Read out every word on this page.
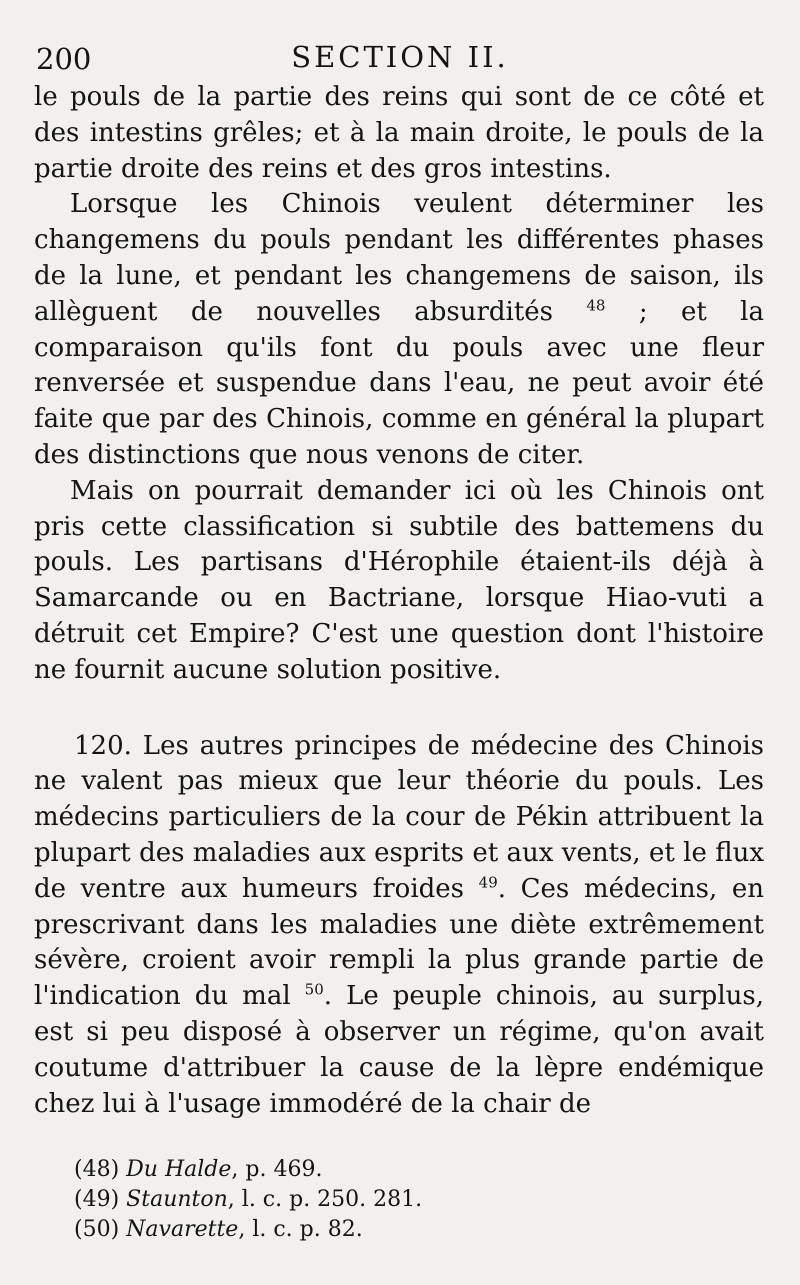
200	SECTION II.

le pouls de la partie des reins qui sont de ce côté et des intestins grêles; et à la main droite, le pouls de la partie droite des reins et des gros intestins.

Lorsque les Chinois veulent déterminer les changemens du pouls pendant les différentes phases de la lune, et pendant les changemens de saison, ils allèguent de nouvelles absurdités $^{48}$ ; et la comparaison qu'ils font du pouls avec une fleur renversée et suspendue dans l'eau, ne peut avoir été faite que par des Chinois, comme en général la plupart des distinctions que nous venons de citer.

Mais on pourrait demander ici où les Chinois ont pris cette classification si subtile des battemens du pouls. Les partisans d'Hérophile étaient-ils déjà à Samarcande ou en Bactriane, lorsque Hiao-vuti a détruit cet Empire? C'est une question dont l'histoire ne fournit aucune solution positive.

120. Les autres principes de médecine des Chinois ne valent pas mieux que leur théorie du pouls. Les médecins particuliers de la cour de Pékin attribuent la plupart des maladies aux esprits et aux vents, et le flux de ventre aux humeurs froides $^{49}$. Ces médecins, en prescrivant dans les maladies une diète extrêmement sévère, croient avoir rempli la plus grande partie de l'indication du mal $^{50}$. Le peuple chinois, au surplus, est si peu disposé à observer un régime, qu'on avait coutume d'attribuer la cause de la lèpre endémique chez lui à l'usage immodéré de la chair de

(48) Du Halde, p. 469.
(49) Staunton, l. c. p. 250. 281.
(50) Navarette, l. c. p. 82.
